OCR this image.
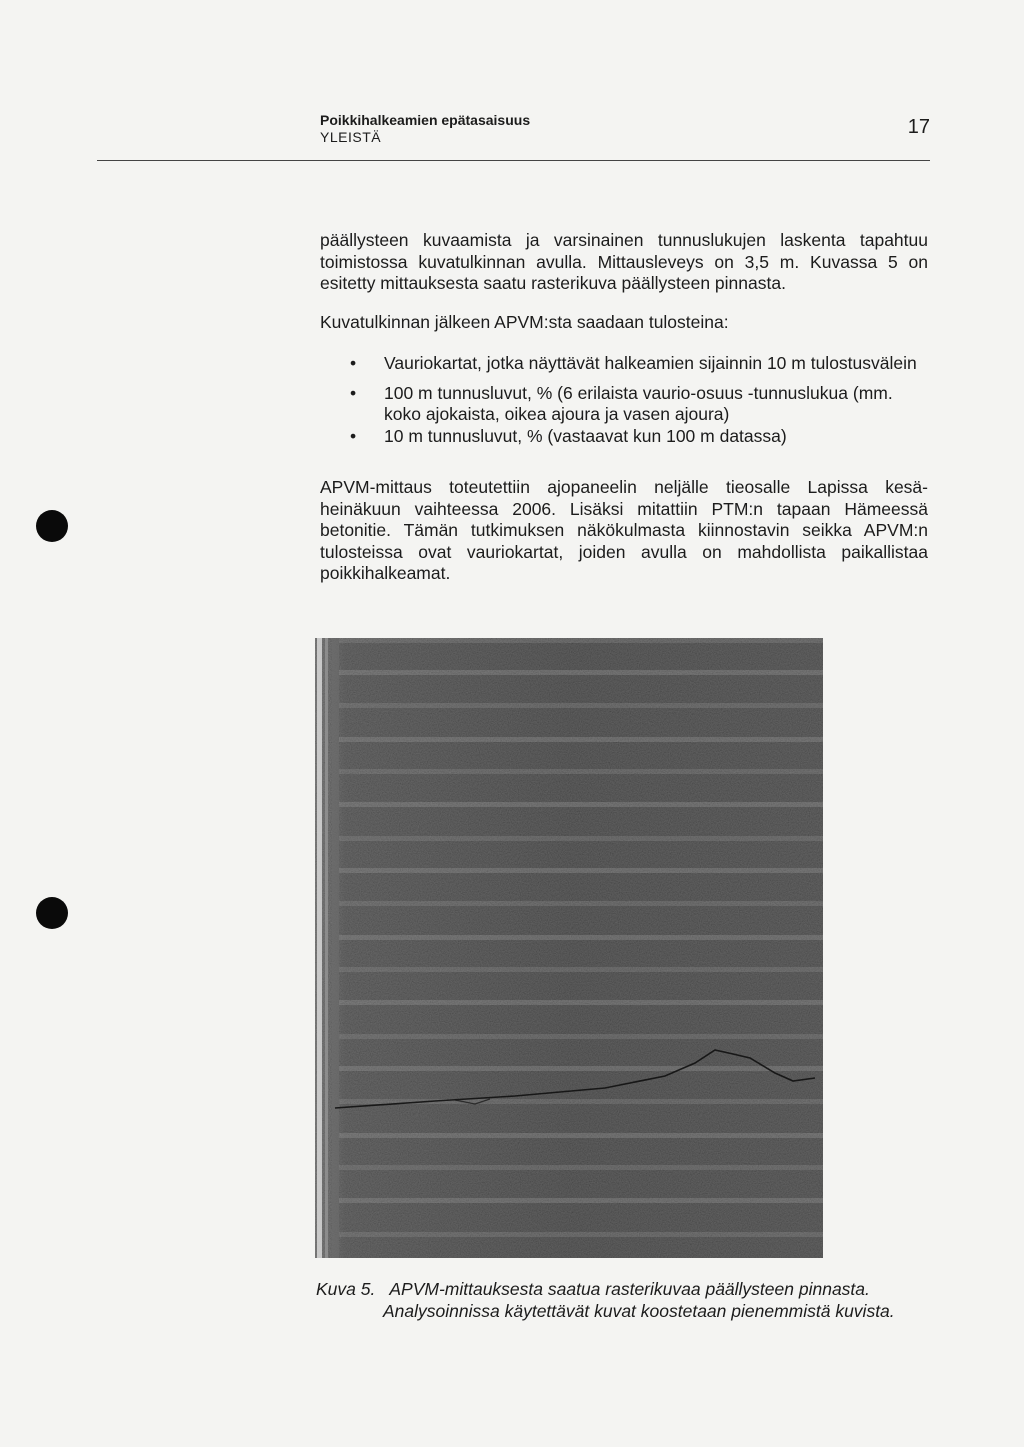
Poikkihalkeamien epätasaisuus
YLEISTÄ	17
päällysteen kuvaamista ja varsinainen tunnuslukujen laskenta tapahtuu toimistossa kuvatulkinnan avulla. Mittausleveys on 3,5 m. Kuvassa 5 on esitetty mittauksesta saatu rasterikuva päällysteen pinnasta.
Kuvatulkinnan jälkeen APVM:sta saadaan tulosteina:
• Vauriokartat, jotka näyttävät halkeamien sijainnin 10 m tulostusvälein
• 100 m tunnusluvut, % (6 erilaista vaurio-osuus -tunnuslukua (mm. koko ajokaista, oikea ajoura ja vasen ajoura)
• 10 m tunnusluvut, % (vastaavat kun 100 m datassa)
APVM-mittaus toteutettiin ajopaneelin neljälle tieosalle Lapissa kesä-heinäkuun vaihteessa 2006. Lisäksi mitattiin PTM:n tapaan Hämeessä betonitie. Tämän tutkimuksen näkökulmasta kiinnostavin seikka APVM:n tulosteissa ovat vauriokartat, joiden avulla on mahdollista paikallistaa poikkihalkeamat.
Kuva 5. APVM-mittauksesta saatua rasterikuvaa päällysteen pinnasta.
Analysoinnissa käytettävät kuvat koostetaan pienemmistä kuvista.
